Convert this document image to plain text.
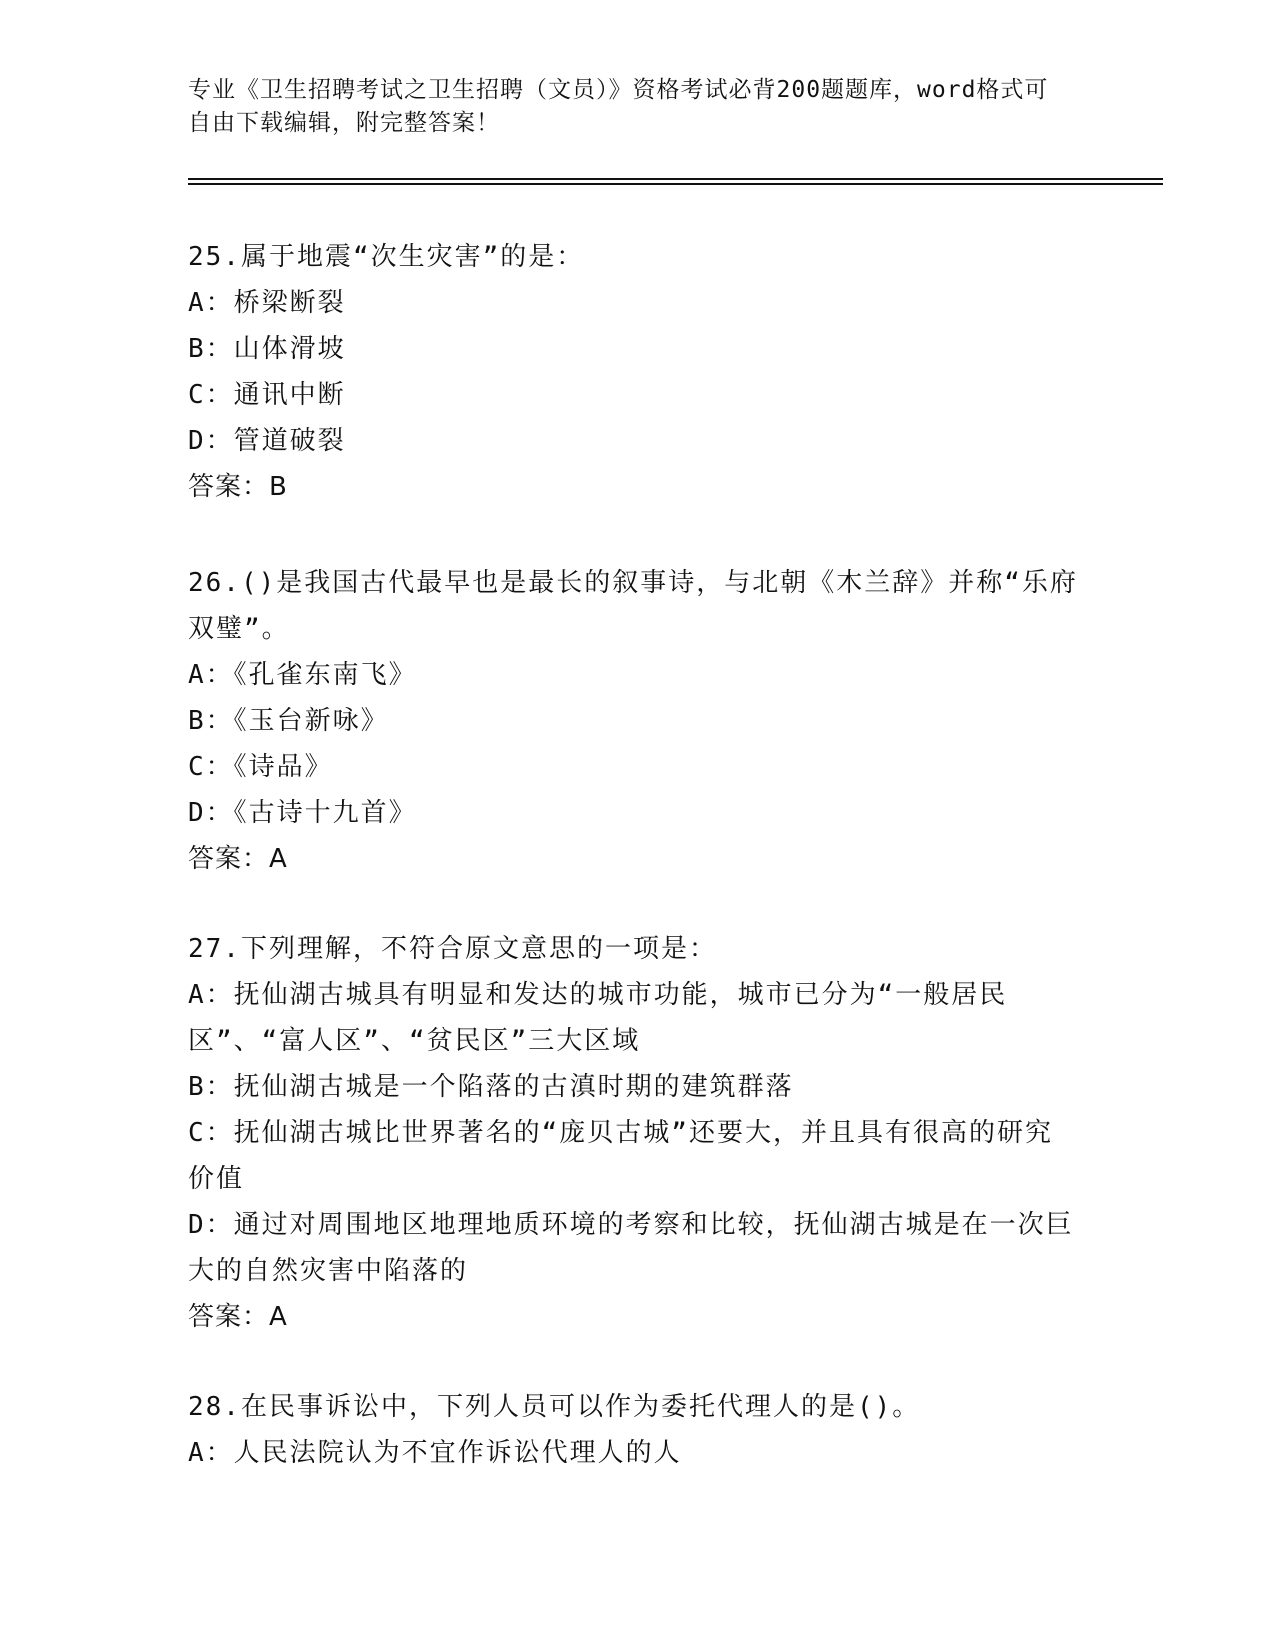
专业《卫生招聘考试之卫生招聘（文员）》资格考试必背200题题库，word格式可自由下载编辑，附完整答案！
25.属于地震“次生灾害”的是：
A：桥梁断裂
B：山体滑坡
C：通讯中断
D：管道破裂
答案：B
26.()是我国古代最早也是最长的叙事诗，与北朝《木兰辞》并称“乐府双璧”。
A：《孔雀东南飞》
B：《玉台新咏》
C：《诗品》
D：《古诗十九首》
答案：A
27.下列理解，不符合原文意思的一项是：
A：抚仙湖古城具有明显和发达的城市功能，城市已分为“一般居民区”、“富人区”、“贫民区”三大区域
B：抚仙湖古城是一个陷落的古滇时期的建筑群落
C：抚仙湖古城比世界著名的“庞贝古城”还要大，并且具有很高的研究价值
D：通过对周围地区地理地质环境的考察和比较，抚仙湖古城是在一次巨大的自然灾害中陷落的
答案：A
28.在民事诉讼中，下列人员可以作为委托代理人的是()。
A：人民法院认为不宜作诉讼代理人的人
